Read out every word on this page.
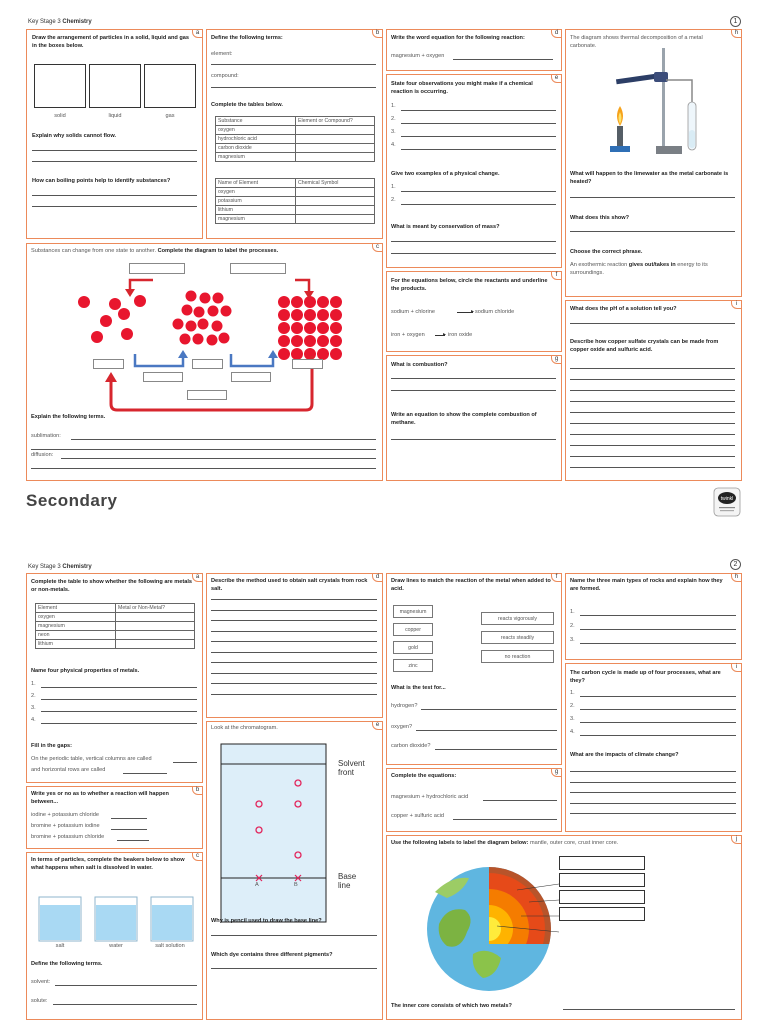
Key Stage 3 Chemistry	1
a
Draw the arrangement of particles in a solid, liquid and gas in the boxes below.
solid	liquid	gas
Explain why solids cannot flow.
How can boiling points help to identify substances?
b
Define the following terms:
element:
compound:
Complete the tables below.
Substance	Element or Compound?
oxygen	
hydrochloric acid	
carbon dioxide	
magnesium	
Name of Element	Chemical Symbol
oxygen	
potassium	
lithium	
magnesium	
c
Substances can change from one state to another. Complete the diagram to label the processes.
Explain the following terms.
sublimation:
diffusion:
d
Write the word equation for the following reaction:
magnesium + oxygen
e
State four observations you might make if a chemical reaction is occurring.
1.
2.
3.
4.
Give two examples of a physical change.
1.
2.
What is meant by conservation of mass?
f
For the equations below, circle the reactants and underline the products.
sodium + chlorine	▸ sodium chloride
iron + oxygen	▸ iron oxide
g
What is combustion?
Write an equation to show the complete combustion of methane.
h
The diagram shows thermal decomposition of a metal carbonate.
What will happen to the limewater as the metal carbonate is heated?
What does this show?
Choose the correct phrase.
An exothermic reaction gives out/takes in energy to its surroundings.
i
What does the pH of a solution tell you?
Describe how copper sulfate crystals can be made from copper oxide and sulfuric acid.
Secondary	twinkl
Key Stage 3 Chemistry	2
a
Complete the table to show whether the following are metals or non-metals.
Element	Metal or Non-Metal?
oxygen	
magnesium	
neon	
lithium	
Name four physical properties of metals.
1.
2.
3.
4.
Fill in the gaps:
On the periodic table, vertical columns are called
and horizontal rows are called
b
Write yes or no as to whether a reaction will happen between...
iodine + potassium chloride
bromine + potassium iodine
bromine + potassium chloride
c
In terms of particles, complete the beakers below to show what happens when salt is dissolved in water.
salt	water	salt solution
Define the following terms.
solvent:
solute:
d
Describe the method used to obtain salt crystals from rock salt.
e
Look at the chromatogram.
A	B
Solvent front
Base line
Why is pencil used to draw the base line?
Which dye contains three different pigments?
f
Draw lines to match the reaction of the metal when added to acid.
magnesium
copper
gold
zinc
reacts vigorously
reacts steadily
no reaction
What is the test for...
hydrogen?
oxygen?
carbon dioxide?
g
Complete the equations:
magnesium + hydrochloric acid
copper + sulfuric acid
h
Name the three main types of rocks and explain how they are formed.
1.
2.
3.
i
The carbon cycle is made up of four processes, what are they?
1.
2.
3.
4.
What are the impacts of climate change?
j
Use the following labels to label the diagram below: mantle, outer core, crust inner core.
The inner core consists of which two metals?
